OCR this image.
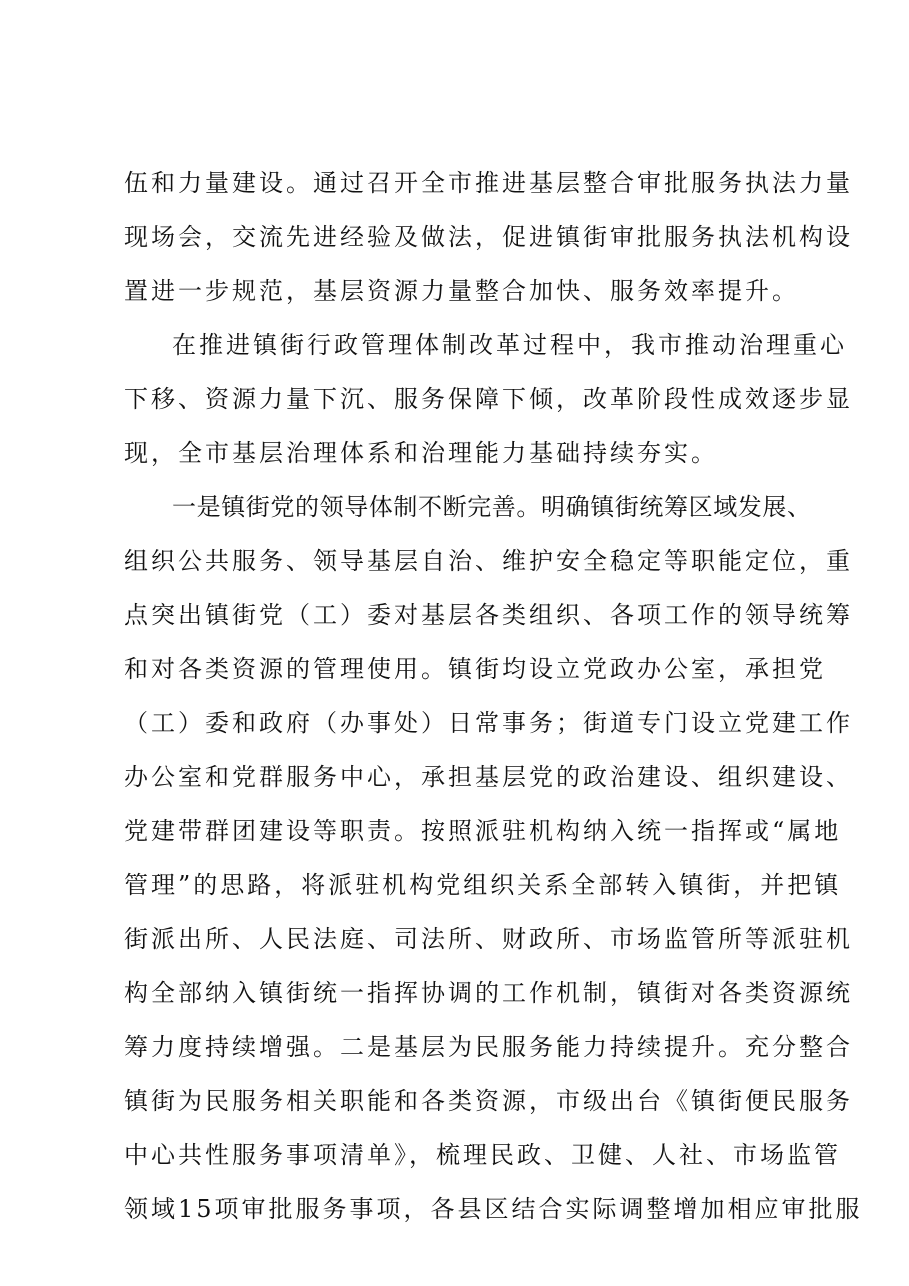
伍和力量建设。通过召开全市推进基层整合审批服务执法力量
现场会，交流先进经验及做法，促进镇街审批服务执法机构设
置进一步规范，基层资源力量整合加快、服务效率提升。
在推进镇街行政管理体制改革过程中，我市推动治理重心
下移、资源力量下沉、服务保障下倾，改革阶段性成效逐步显
现，全市基层治理体系和治理能力基础持续夯实。
一是镇街党的领导体制不断完善。明确镇街统筹区域发展、
组织公共服务、领导基层自治、维护安全稳定等职能定位，重
点突出镇街党（工）委对基层各类组织、各项工作的领导统筹
和对各类资源的管理使用。镇街均设立党政办公室，承担党
（工）委和政府（办事处）日常事务；街道专门设立党建工作
办公室和党群服务中心，承担基层党的政治建设、组织建设、
党建带群团建设等职责。按照派驻机构纳入统一指挥或“属地
管理”的思路，将派驻机构党组织关系全部转入镇街，并把镇
街派出所、人民法庭、司法所、财政所、市场监管所等派驻机
构全部纳入镇街统一指挥协调的工作机制，镇街对各类资源统
筹力度持续增强。二是基层为民服务能力持续提升。充分整合
镇街为民服务相关职能和各类资源，市级出台《镇街便民服务
中心共性服务事项清单》，梳理民政、卫健、人社、市场监管
领域15项审批服务事项，各县区结合实际调整增加相应审批服
